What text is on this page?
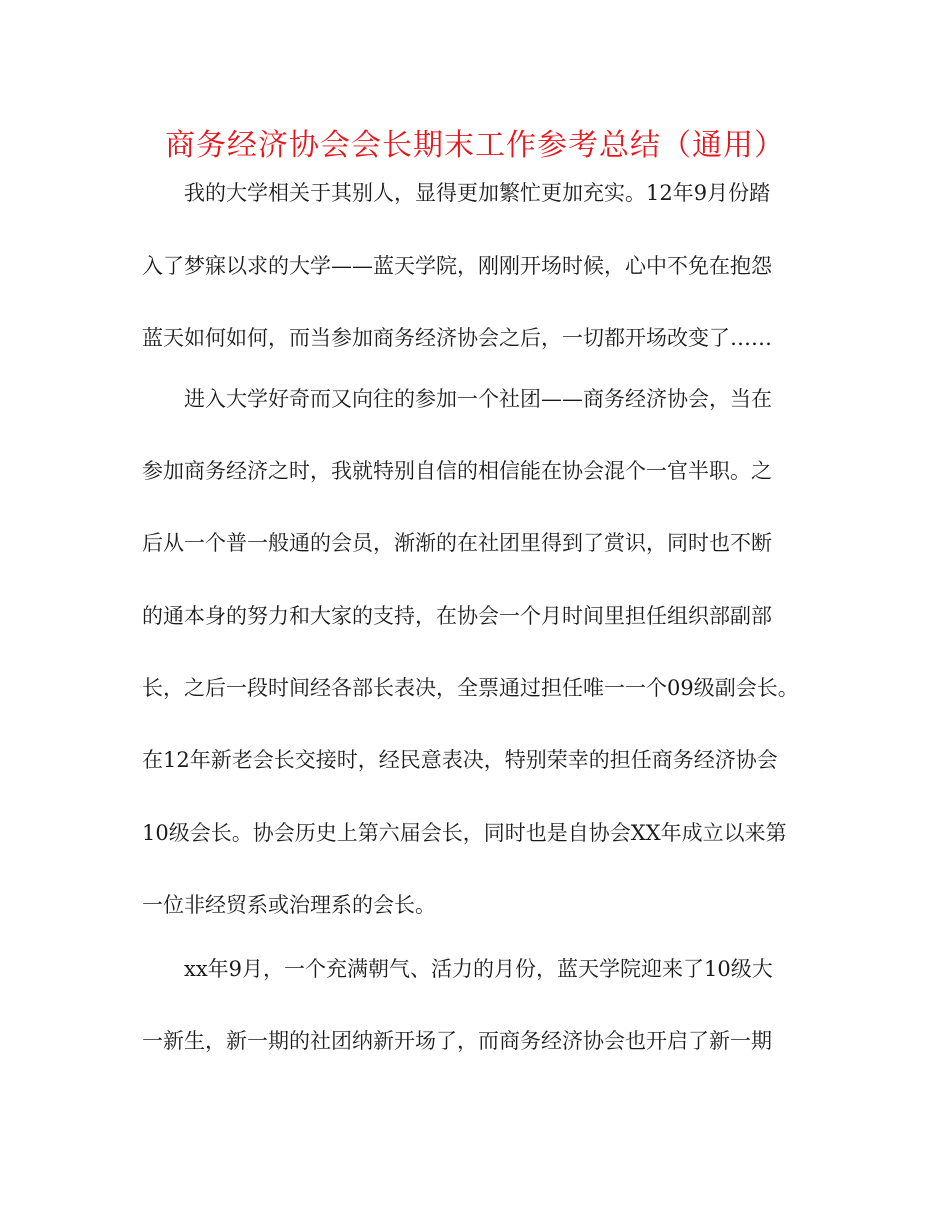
商务经济协会会长期末工作参考总结（通用）
　　我的大学相关于其别人，显得更加繁忙更加充实。12年9月份踏
入了梦寐以求的大学——蓝天学院，刚刚开场时候，心中不免在抱怨
蓝天如何如何，而当参加商务经济协会之后，一切都开场改变了……
　　进入大学好奇而又向往的参加一个社团——商务经济协会，当在
参加商务经济之时，我就特别自信的相信能在协会混个一官半职。之
后从一个普一般通的会员，渐渐的在社团里得到了赏识，同时也不断
的通本身的努力和大家的支持，在协会一个月时间里担任组织部副部
长，之后一段时间经各部长表决，全票通过担任唯一一个09级副会长。
在12年新老会长交接时，经民意表决，特别荣幸的担任商务经济协会
10级会长。协会历史上第六届会长，同时也是自协会XX年成立以来第
一位非经贸系或治理系的会长。
　　xx年9月，一个充满朝气、活力的月份，蓝天学院迎来了10级大
一新生，新一期的社团纳新开场了，而商务经济协会也开启了新一期
